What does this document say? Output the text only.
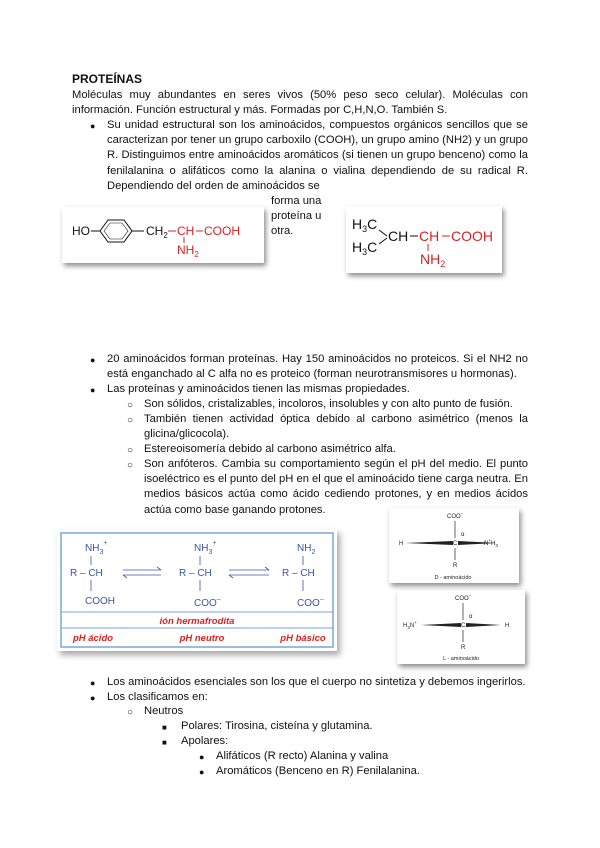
PROTEÍNAS
Moléculas muy abundantes en seres vivos (50% peso seco celular). Moléculas con
información. Función estructural y más. Formadas por C,H,N,O. También S.
● Su unidad estructural son los aminoácidos, compuestos orgánicos sencillos que se
caracterizan por tener un grupo carboxilo (COOH), un grupo amino (NH2) y un grupo
R. Distinguimos entre aminoácidos aromáticos (si tienen un grupo benceno) como la
fenilalanina o alifáticos como la alanina o vialina dependiendo de su radical R.
Dependiendo del orden de aminoácidos se
forma una
proteína u
otra.
HO	$CH_2$ CH COOH
$NH_2$
$H_3C$
$H_3C$
CH CH COOH
$NH_2$
● 20 aminoácidos forman proteínas. Hay 150 aminoácidos no proteicos. Si el NH2 no
está enganchado al C alfa no es proteico (forman neurotransmisores u hormonas).
● Las proteínas y aminoácidos tienen las mismas propiedades.
○ Son sólidos, cristalizables, incoloros, insolubles y con alto punto de fusión.
○ También tienen actividad óptica debido al carbono asimétrico (menos la
glicina/glicocola).
○ Estereoisomería debido al carbono asimétrico alfa.
○ Son anfóteros. Cambia su comportamiento según el pH del medio. El punto
isoeléctrico es el punto del pH en el que el aminoácido tiene carga neutra. En
medios básicos actúa como ácido cediendo protones, y en medios ácidos
actúa como base ganando protones.
$NH_3^+$
R – CH
COOH
$NH_3^+$
R – CH
COO–
$NH_2$
R – CH
COO–
ión hermafrodita
pH ácido	pH neutro	pH básico
COO–
α
H	C	$N^+H_3$
R
D - aminoácido
COO–
α
$H_3N^+$
C	H
R
L - aminoácido
● Los aminoácidos esenciales son los que el cuerpo no sintetiza y debemos ingerirlos.
● Los clasificamos en:
○ Neutros
■ Polares: Tirosina, cisteína y glutamina.
■ Apolares:
● Alifáticos (R recto) Alanina y valina
● Aromáticos (Benceno en R) Fenilalanina.
